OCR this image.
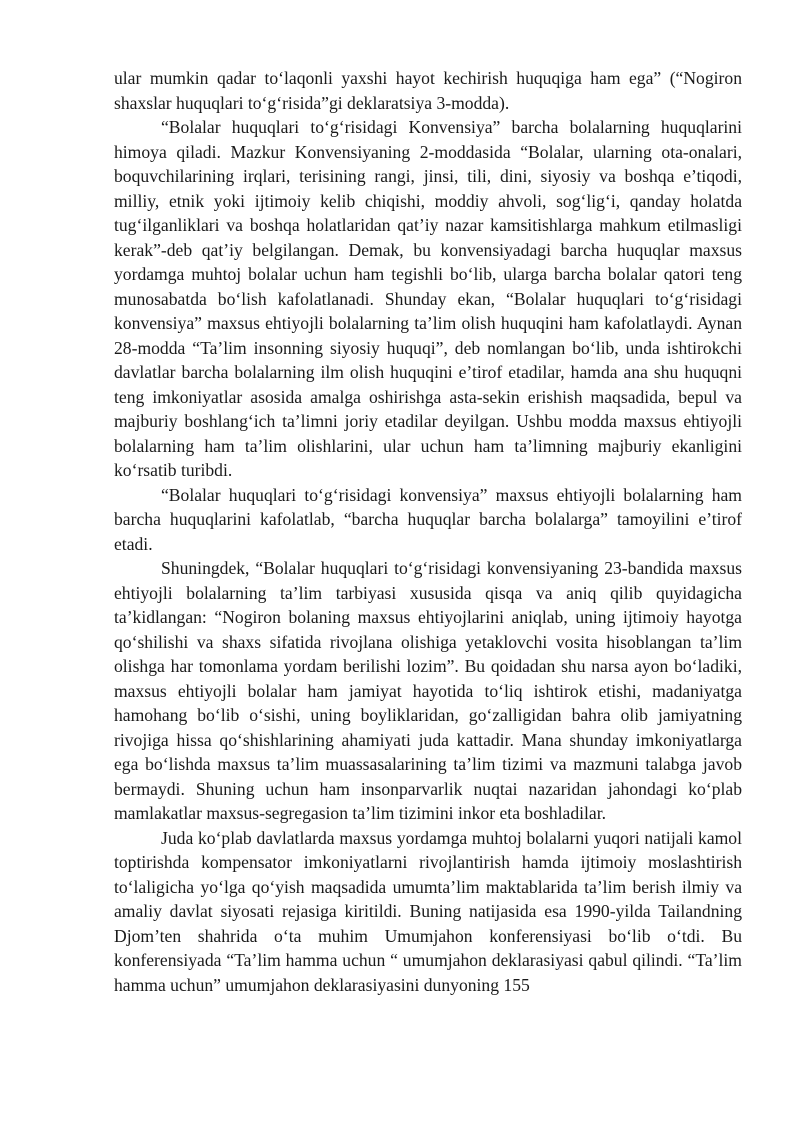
ular mumkin qadar to‘laqonli yaxshi hayot kechirish huquqiga ham ega” (“Nogiron shaxslar huquqlari to‘g‘risida”gi deklaratsiya 3-modda).

“Bolalar huquqlari to‘g‘risidagi Konvensiya” barcha bolalarning huquqlarini himoya qiladi. Mazkur Konvensiyaning 2-moddasida “Bolalar, ularning ota-onalari, boquvchilarining irqlari, terisining rangi, jinsi, tili, dini, siyosiy va boshqa e’tiqodi, milliy, etnik yoki ijtimoiy kelib chiqishi, moddiy ahvoli, sog‘lig‘i, qanday holatda tug‘ilganliklari va boshqa holatlaridan qat’iy nazar kamsitishlarga mahkum etilmasligi kerak”-deb qat’iy belgilangan. Demak, bu konvensiyadagi barcha huquqlar maxsus yordamga muhtoj bolalar uchun ham tegishli bo‘lib, ularga barcha bolalar qatori teng munosabatda bo‘lish kafolatlanadi. Shunday ekan, “Bolalar huquqlari to‘g‘risidagi konvensiya” maxsus ehtiyojli bolalarning ta’lim olish huquqini ham kafolatlaydi. Aynan 28-modda “Ta’lim insonning siyosiy huquqi”, deb nomlangan bo‘lib, unda ishtirokchi davlatlar barcha bolalarning ilm olish huquqini e’tirof etadilar, hamda ana shu huquqni teng imkoniyatlar asosida amalga oshirishga asta-sekin erishish maqsadida, bepul va majburiy boshlang‘ich ta’limni joriy etadilar deyilgan. Ushbu modda maxsus ehtiyojli bolalarning ham ta’lim olishlarini, ular uchun ham ta’limning majburiy ekanligini ko‘rsatib turibdi.

“Bolalar huquqlari to‘g‘risidagi konvensiya” maxsus ehtiyojli bolalarning ham barcha huquqlarini kafolatlab, “barcha huquqlar barcha bolalarga” tamoyilini e’tirof etadi.

Shuningdek, “Bolalar huquqlari to‘g‘risidagi konvensiyaning 23-bandida maxsus ehtiyojli bolalarning ta’lim tarbiyasi xususida qisqa va aniq qilib quyidagicha ta’kidlangan: “Nogiron bolaning maxsus ehtiyojlarini aniqlab, uning ijtimoiy hayotga qo‘shilishi va shaxs sifatida rivojlana olishiga yetaklovchi vosita hisoblangan ta’lim olishga har tomonlama yordam berilishi lozim”. Bu qoidadan shu narsa ayon bo‘ladiki, maxsus ehtiyojli bolalar ham jamiyat hayotida to‘liq ishtirok etishi, madaniyatga hamohang bo‘lib o‘sishi, uning boyliklaridan, go‘zalligidan bahra olib jamiyatning rivojiga hissa qo‘shishlarining ahamiyati juda kattadir. Mana shunday imkoniyatlarga ega bo‘lishda maxsus ta’lim muassasalarining ta’lim tizimi va mazmuni talabga javob bermaydi. Shuning uchun ham insonparvarlik nuqtai nazaridan jahondagi ko‘plab mamlakatlar maxsus-segregasion ta’lim tizimini inkor eta boshladilar.

Juda ko‘plab davlatlarda maxsus yordamga muhtoj bolalarni yuqori natijali kamol toptirishda kompensator imkoniyatlarni rivojlantirish hamda ijtimoiy moslashtirish to‘laligicha yo‘lga qo‘yish maqsadida umumta’lim maktablarida ta’lim berish ilmiy va amaliy davlat siyosati rejasiga kiritildi. Buning natijasida esa 1990-yilda Tailandning Djom’ten shahrida o‘ta muhim Umumjahon konferensiyasi bo‘lib o‘tdi. Bu konferensiyada “Ta’lim hamma uchun “ umumjahon deklarasiyasi qabul qilindi. “Ta’lim hamma uchun” umumjahon deklarasiyasini dunyoning 155
